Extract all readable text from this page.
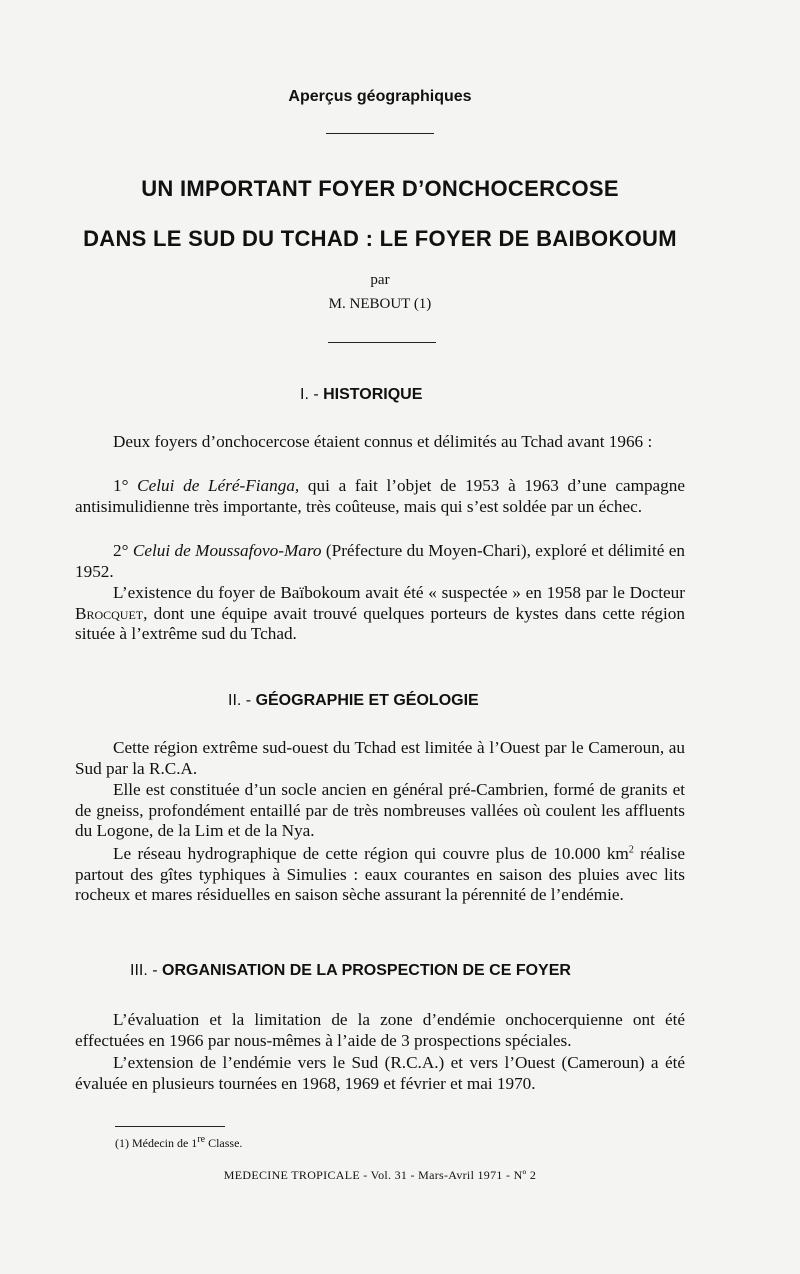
Aperçus géographiques
UN IMPORTANT FOYER D’ONCHOCERCOSE
DANS LE SUD DU TCHAD : LE FOYER DE BAIBOKOUM
par
M. NEBOUT (1)
I. - HISTORIQUE

Deux foyers d’onchocercose étaient connus et délimités au Tchad avant 1966 :

1° Celui de Léré-Fianga, qui a fait l’objet de 1953 à 1963 d’une campagne antisimulidienne très importante, très coûteuse, mais qui s’est soldée par un échec.

2° Celui de Moussafovo-Maro (Préfecture du Moyen-Chari), exploré et délimité en 1952.

L’existence du foyer de Baïbokoum avait été « suspectée » en 1958 par le Docteur Brocquet, dont une équipe avait trouvé quelques porteurs de kystes dans cette région située à l’extrême sud du Tchad.

II. - GÉOGRAPHIE ET GÉOLOGIE

Cette région extrême sud-ouest du Tchad est limitée à l’Ouest par le Cameroun, au Sud par la R.C.A.

Elle est constituée d’un socle ancien en général pré-Cambrien, formé de granits et de gneiss, profondément entaillé par de très nombreuses vallées où coulent les affluents du Logone, de la Lim et de la Nya.

Le réseau hydrographique de cette région qui couvre plus de 10.000 $km^2$ réalise partout des gîtes typhiques à Simulies : eaux courantes en saison des pluies avec lits rocheux et mares résiduelles en saison sèche assurant la pérennité de l’endémie.

III. - ORGANISATION DE LA PROSPECTION DE CE FOYER

L’évaluation et la limitation de la zone d’endémie onchocerquienne ont été effectuées en 1966 par nous-mêmes à l’aide de 3 prospections spéciales.

L’extension de l’endémie vers le Sud (R.C.A.) et vers l’Ouest (Cameroun) a été évaluée en plusieurs tournées en 1968, 1969 et février et mai 1970.

(1) Médecin de 1re Classe.
MEDECINE TROPICALE - Vol. 31 - Mars-Avril 1971 - Nº 2
